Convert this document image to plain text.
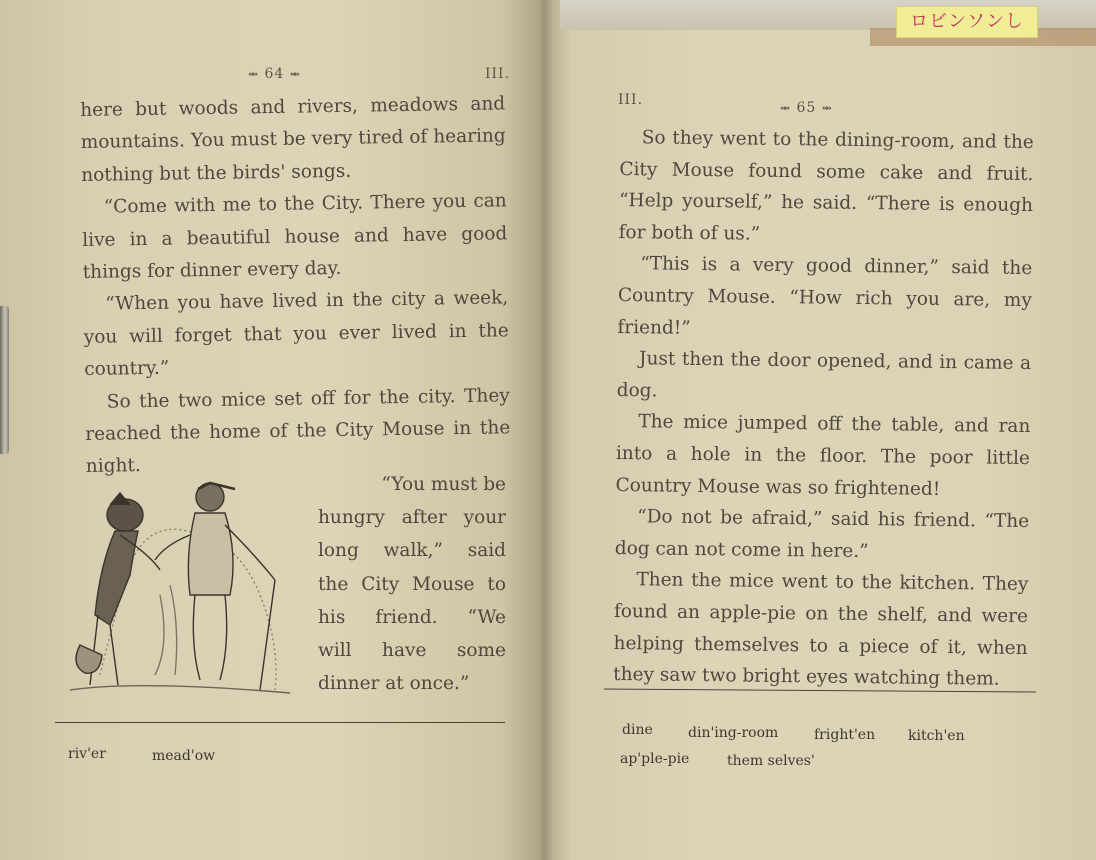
ロビンソンし
⥈ 64 ⥈	III.

here but woods and rivers, meadows and mountains. You must be very tired of hearing nothing but the birds' songs.

“Come with me to the City. There you can live in a beautiful house and have good things for dinner every day.

“When you have lived in the city a week, you will forget that you ever lived in the country.”

So the two mice set off for the city. They reached the home of the City Mouse in the night.

“You must be
hungry after your
long walk,” said
the City Mouse to
his friend. “We
will have some
dinner at once.”
riv'er	mead'ow
III.	⥈ 65 ⥈

So they went to the dining-room, and the City Mouse found some cake and fruit. “Help yourself,” he said. “There is enough for both of us.”

“This is a very good dinner,” said the Country Mouse. “How rich you are, my friend!”

Just then the door opened, and in came a dog.

The mice jumped off the table, and ran into a hole in the floor. The poor little Country Mouse was so frightened!

“Do not be afraid,” said his friend. “The dog can not come in here.”

Then the mice went to the kitchen. They found an apple-pie on the shelf, and were helping themselves to a piece of it, when they saw two bright eyes watching them.

dine	din'ing-room	fright'en kitch'en
ap'ple-pie	them selves'
